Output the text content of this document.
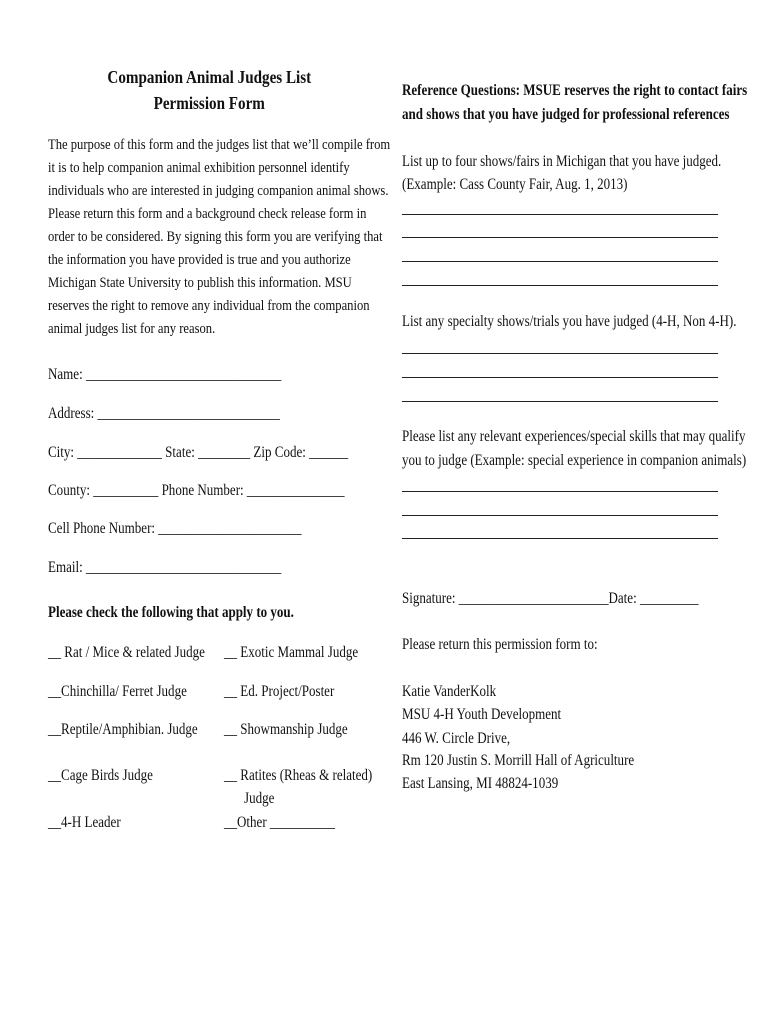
Companion Animal Judges List
Permission Form
The purpose of this form and the judges list that we’ll compile from
it is to help companion animal exhibition personnel identify
individuals who are interested in judging companion animal shows.
Please return this form and a background check release form in
order to be considered. By signing this form you are verifying that
the information you have provided is true and you authorize
Michigan State University to publish this information. MSU
reserves the right to remove any individual from the companion
animal judges list for any reason.
Name: ______________________________
Address: ____________________________
City: _____________ State: ________ Zip Code: ______
County: __________ Phone Number: _______________
Cell Phone Number: ______________________
Email: ______________________________
Please check the following that apply to you.
__ Rat / Mice & related Judge
__Chinchilla/ Ferret Judge
__Reptile/Amphibian. Judge
__Cage Birds Judge
__4-H Leader
__ Exotic Mammal Judge
__ Ed. Project/Poster
__ Showmanship Judge
__ Ratites (Rheas & related)
Judge
__Other __________
Reference Questions: MSUE reserves the right to contact fairs
and shows that you have judged for professional references
List up to four shows/fairs in Michigan that you have judged.
(Example: Cass County Fair, Aug. 1, 2013)
List any specialty shows/trials you have judged (4-H, Non 4-H).
Please list any relevant experiences/special skills that may qualify
you to judge (Example: special experience in companion animals)
Signature: _______________________Date: _________
Please return this permission form to:
Katie VanderKolk
MSU 4-H Youth Development
446 W. Circle Drive,
Rm 120 Justin S. Morrill Hall of Agriculture
East Lansing, MI 48824-1039
